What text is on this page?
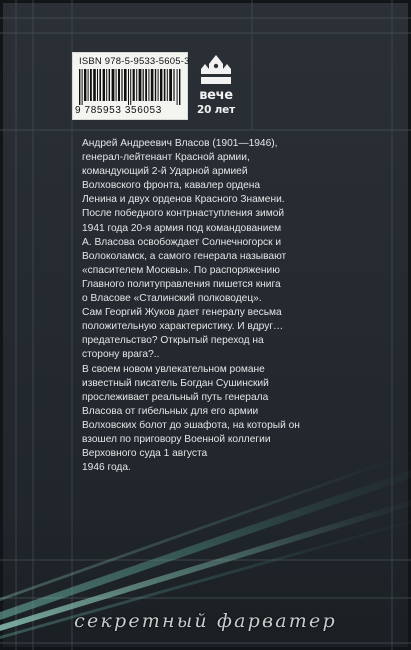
ISBN 978-5-9533-5605-3
9 785953 356053
вече
20 лет

Андрей Андреевич Власов (1901—1946),
генерал-лейтенант Красной армии,
командующий 2-й Ударной армией
Волховского фронта, кавалер ордена
Ленина и двух орденов Красного Знамени.

После победного контрнаступления зимой
1941 года 20-я армия под командованием
А. Власова освобождает Солнечногорск и
Волоколамск, а самого генерала называют
«спасителем Москвы». По распоряжению
Главного политуправления пишется книга
о Власове «Сталинский полководец».
Сам Георгий Жуков дает генералу весьма
положительную характеристику. И вдруг…
предательство? Открытый переход на
сторону врага?..

В своем новом увлекательном романе
известный писатель Богдан Сушинский
прослеживает реальный путь генерала
Власова от гибельных для его армии
Волховских болот до эшафота, на который он
взошел по приговору Военной коллегии
Верховного суда 1 августа
1946 года.

секретный фарватер
